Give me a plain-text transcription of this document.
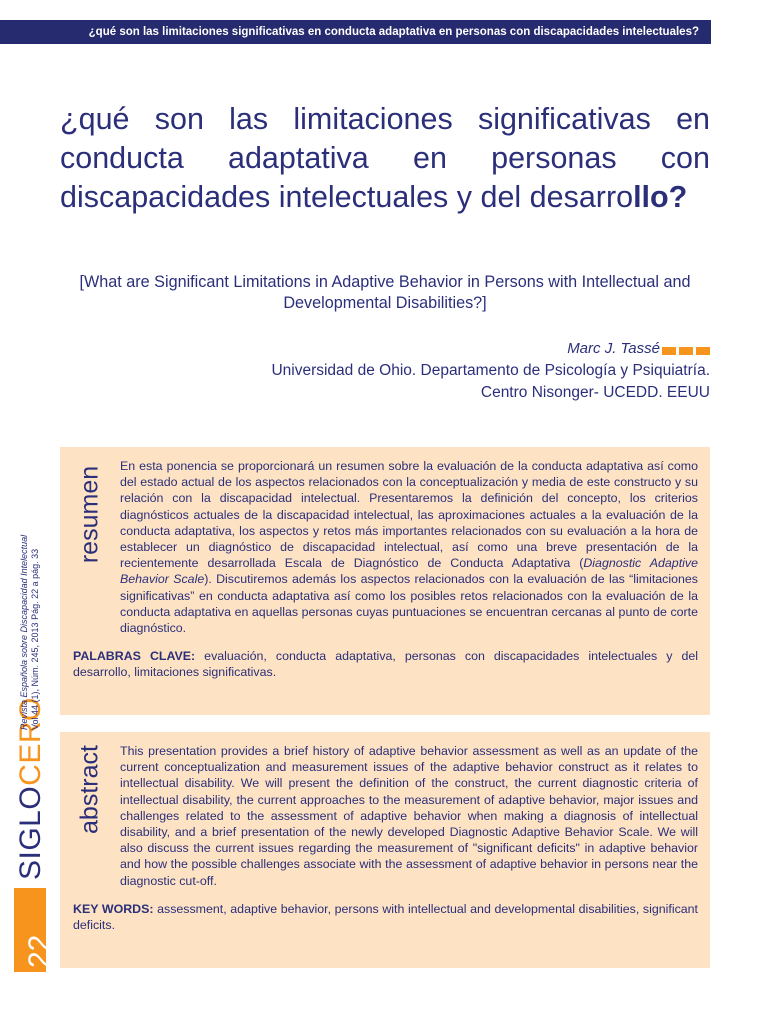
¿qué son las limitaciones significativas en conducta adaptativa en personas con discapacidades intelectuales?
¿qué son las limitaciones significativas en conducta adaptativa en personas con discapacidades intelectuales y del desarrollo?
[What are Significant Limitations in Adaptive Behavior in Persons with Intellectual and Developmental Disabilities?]
Marc J. Tassé
Universidad de Ohio. Departamento de Psicología y Psiquiatría.
Centro Nisonger- UCEDD. EEUU
resumen	En esta ponencia se proporcionará un resumen sobre la evaluación de la conducta adaptativa así como del estado actual de los aspectos relacionados con la conceptualización y media de este constructo y su relación con la discapacidad intelectual. Presentaremos la definición del concepto, los criterios diagnósticos actuales de la discapacidad intelectual, las aproximaciones actuales a la evaluación de la conducta adaptativa, los aspectos y retos más importantes relacionados con su evaluación a la hora de establecer un diagnóstico de discapacidad intelectual, así como una breve presentación de la recientemente desarrollada Escala de Diagnóstico de Conducta Adaptativa (Diagnostic Adaptive Behavior Scale). Discutiremos además los aspectos relacionados con la evaluación de las “limitaciones significativas” en conducta adaptativa así como los posibles retos relacionados con la evaluación de la conducta adaptativa en aquellas personas cuyas puntuaciones se encuentran cercanas al punto de corte diagnóstico.
PALABRAS CLAVE: evaluación, conducta adaptativa, personas con discapacidades intelectuales y del desarrollo, limitaciones significativas.
abstract	This presentation provides a brief history of adaptive behavior assessment as well as an update of the current conceptualization and measurement issues of the adaptive behavior construct as it relates to intellectual disability. We will present the definition of the construct, the current diagnostic criteria of intellectual disability, the current approaches to the measurement of adaptive behavior, major issues and challenges related to the assessment of adaptive behavior when making a diagnosis of intellectual disability, and a brief presentation of the newly developed Diagnostic Adaptive Behavior Scale. We will also discuss the current issues regarding the measurement of "significant deficits" in adaptive behavior and how the possible challenges associate with the assessment of adaptive behavior in persons near the diagnostic cut-off.
KEY WORDS: assessment, adaptive behavior, persons with intellectual and developmental disabilities, significant deficits.
22
SIGLOCERO
Revista Española sobre Discapacidad Intelectual Vol 44 (1), Núm. 245, 2013 Pág. 22 a pág. 33
